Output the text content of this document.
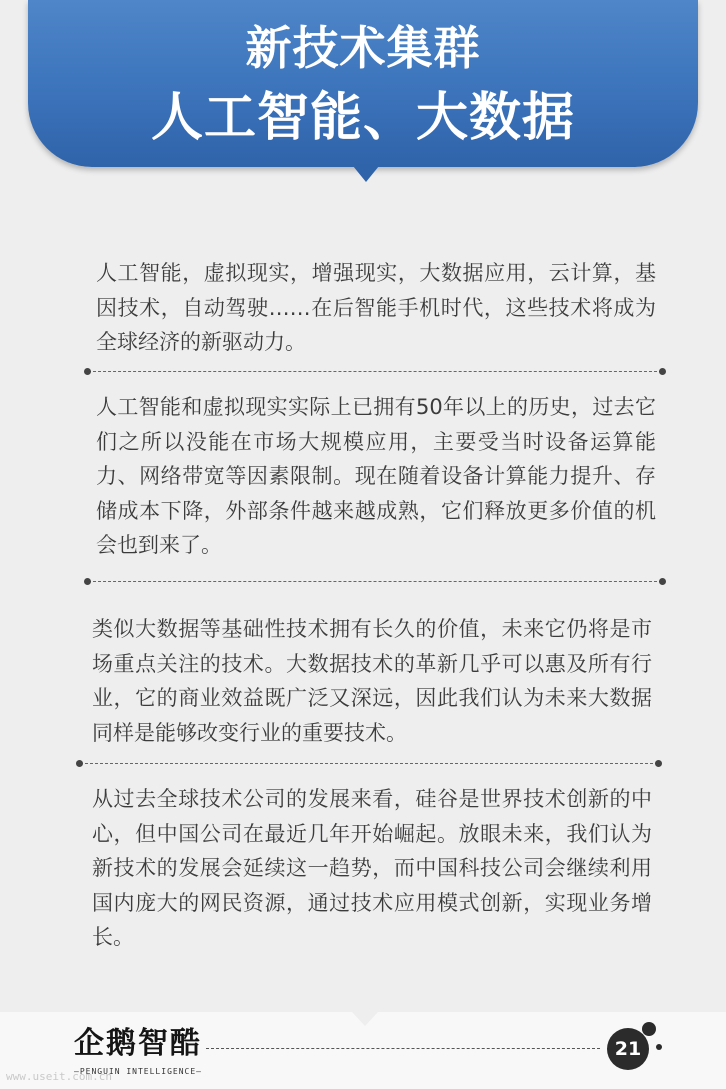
新技术集群
人工智能、大数据

人工智能，虚拟现实，增强现实，大数据应用，云计算，基因技术，自动驾驶……在后智能手机时代，这些技术将成为全球经济的新驱动力。

人工智能和虚拟现实实际上已拥有50年以上的历史，过去它们之所以没能在市场大规模应用，主要受当时设备运算能力、网络带宽等因素限制。现在随着设备计算能力提升、存储成本下降，外部条件越来越成熟，它们释放更多价值的机会也到来了。

类似大数据等基础性技术拥有长久的价值，未来它仍将是市场重点关注的技术。大数据技术的革新几乎可以惠及所有行业，它的商业效益既广泛又深远，因此我们认为未来大数据同样是能够改变行业的重要技术。

从过去全球技术公司的发展来看，硅谷是世界技术创新的中心，但中国公司在最近几年开始崛起。放眼未来，我们认为新技术的发展会延续这一趋势，而中国科技公司会继续利用国内庞大的网民资源，通过技术应用模式创新，实现业务增长。

企鹅智酷
—PENGUIN INTELLIGENCE—
21
www.useit.com.cn
